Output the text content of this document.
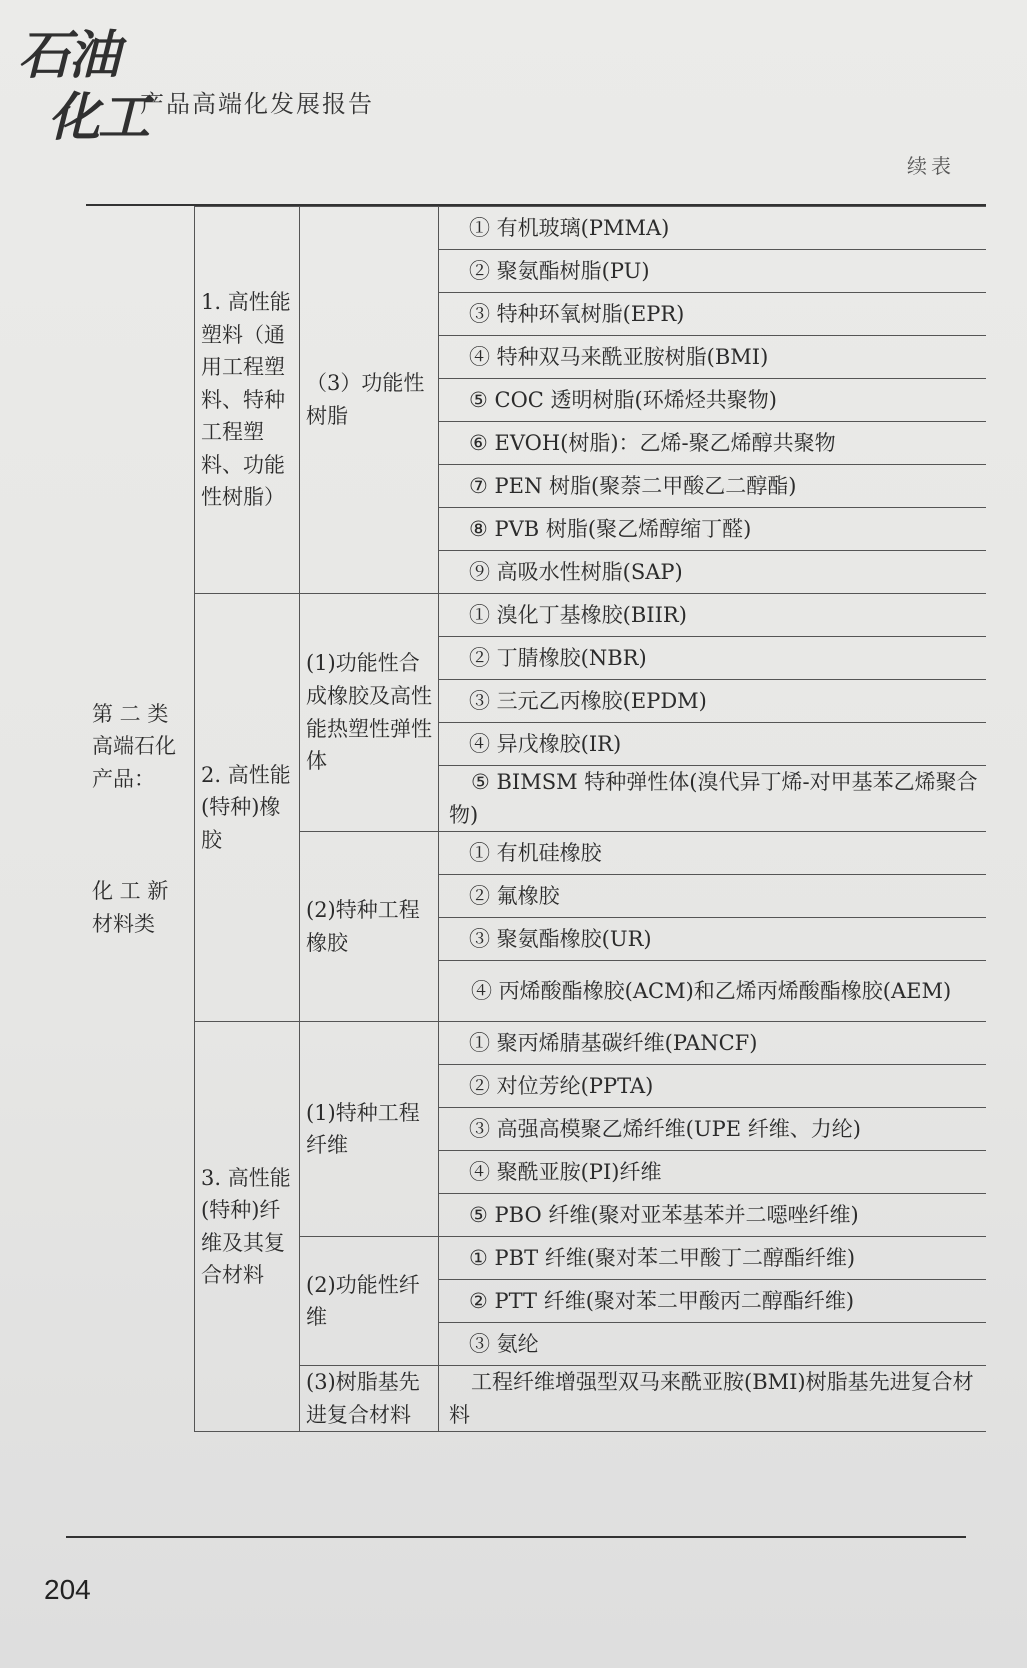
石油
化工
产品高端化发展报告
续表
第 二 类
高端石化
产品：
化 工 新
材料类	1. 高性能塑料（通用工程塑料、特种工程塑料、功能性树脂）	（3）功能性树脂	① 有机玻璃(PMMA)
			② 聚氨酯树脂(PU)
			③ 特种环氧树脂(EPR)
			④ 特种双马来酰亚胺树脂(BMI)
			⑤ COC 透明树脂(环烯烃共聚物)
			⑥ EVOH(树脂)：乙烯-聚乙烯醇共聚物
			⑦ PEN 树脂(聚萘二甲酸乙二醇酯)
			⑧ PVB 树脂(聚乙烯醇缩丁醛)
			⑨ 高吸水性树脂(SAP)
	2. 高性能(特种)橡胶	(1)功能性合成橡胶及高性能热塑性弹性体	① 溴化丁基橡胶(BIIR)
			② 丁腈橡胶(NBR)
			③ 三元乙丙橡胶(EPDM)
			④ 异戊橡胶(IR)
			⑤ BIMSM 特种弹性体(溴代异丁烯-对甲基苯乙烯聚合物)
		(2)特种工程橡胶	① 有机硅橡胶
			② 氟橡胶
			③ 聚氨酯橡胶(UR)
			④ 丙烯酸酯橡胶(ACM)和乙烯丙烯酸酯橡胶(AEM)
	3. 高性能(特种)纤维及其复合材料	(1)特种工程纤维	① 聚丙烯腈基碳纤维(PANCF)
			② 对位芳纶(PPTA)
			③ 高强高模聚乙烯纤维(UPE 纤维、力纶)
			④ 聚酰亚胺(PI)纤维
			⑤ PBO 纤维(聚对亚苯基苯并二噁唑纤维)
		(2)功能性纤维	① PBT 纤维(聚对苯二甲酸丁二醇酯纤维)
			② PTT 纤维(聚对苯二甲酸丙二醇酯纤维)
			③ 氨纶
		(3)树脂基先进复合材料	工程纤维增强型双马来酰亚胺(BMI)树脂基先进复合材料
204
